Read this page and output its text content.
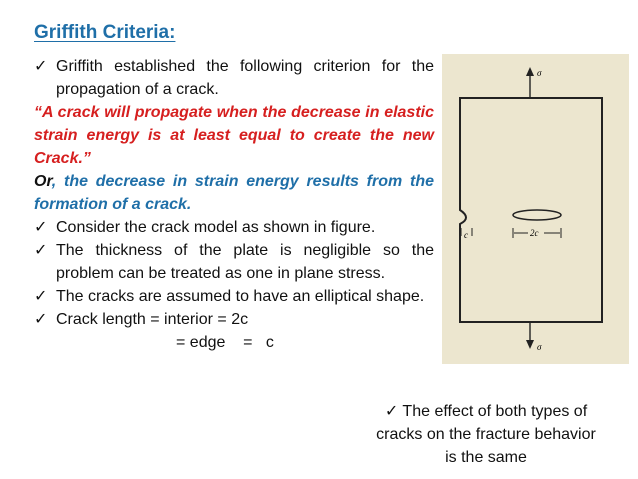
Griffith Criteria:
✓ Griffith established the following criterion for the propagation of a crack.
“A crack will propagate when the decrease in elastic strain energy is at least equal to create the new Crack.”
Or, the decrease in strain energy results from the formation of a crack.
✓ Consider the crack model as shown in figure.
✓ The thickness of the plate is negligible so the problem can be treated as one in plane stress.
✓ The cracks are assumed to have an elliptical shape.
✓ Crack length = interior = 2c
= edge    =   c
σ
c	2c
σ
✓ The effect of both types of
cracks on the fracture behavior
is the same
